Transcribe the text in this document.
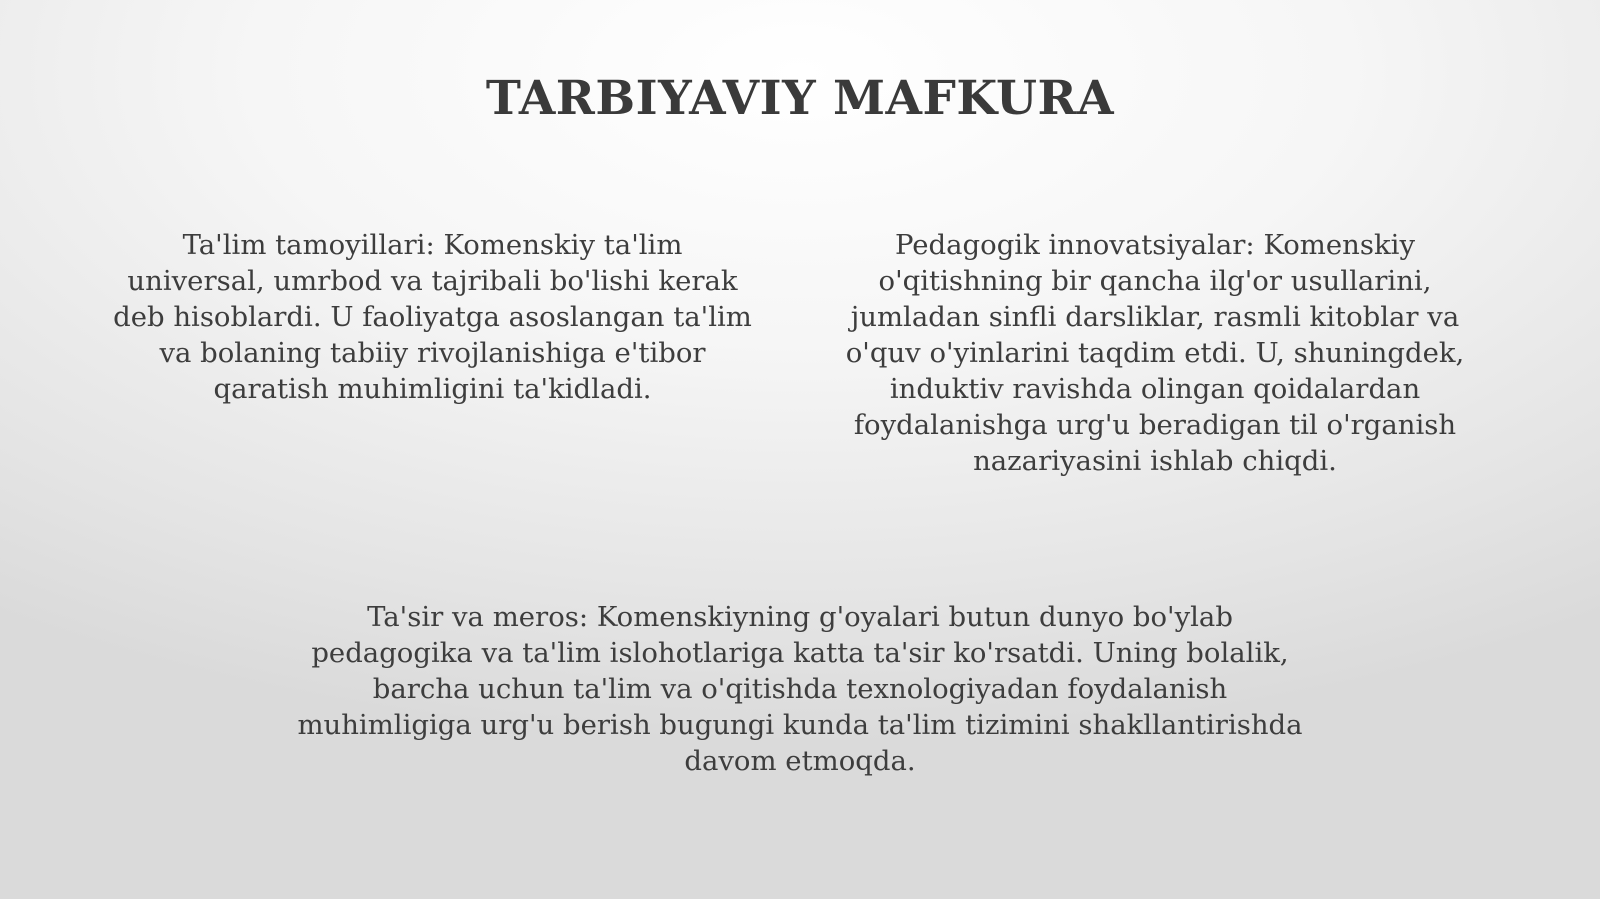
TARBIYAVIY MAFKURA

Ta'lim tamoyillari: Komenskiy ta'lim universal, umrbod va tajribali bo'lishi kerak deb hisoblardi. U faoliyatga asoslangan ta'lim va bolaning tabiiy rivojlanishiga e'tibor qaratish muhimligini ta'kidladi.

Pedagogik innovatsiyalar: Komenskiy o'qitishning bir qancha ilg'or usullarini, jumladan sinfli darsliklar, rasmli kitoblar va o'quv o'yinlarini taqdim etdi. U, shuningdek, induktiv ravishda olingan qoidalardan foydalanishga urg'u beradigan til o'rganish nazariyasini ishlab chiqdi.

Ta'sir va meros: Komenskiyning g'oyalari butun dunyo bo'ylab pedagogika va ta'lim islohotlariga katta ta'sir ko'rsatdi. Uning bolalik, barcha uchun ta'lim va o'qitishda texnologiyadan foydalanish muhimligiga urg'u berish bugungi kunda ta'lim tizimini shakllantirishda davom etmoqda.
